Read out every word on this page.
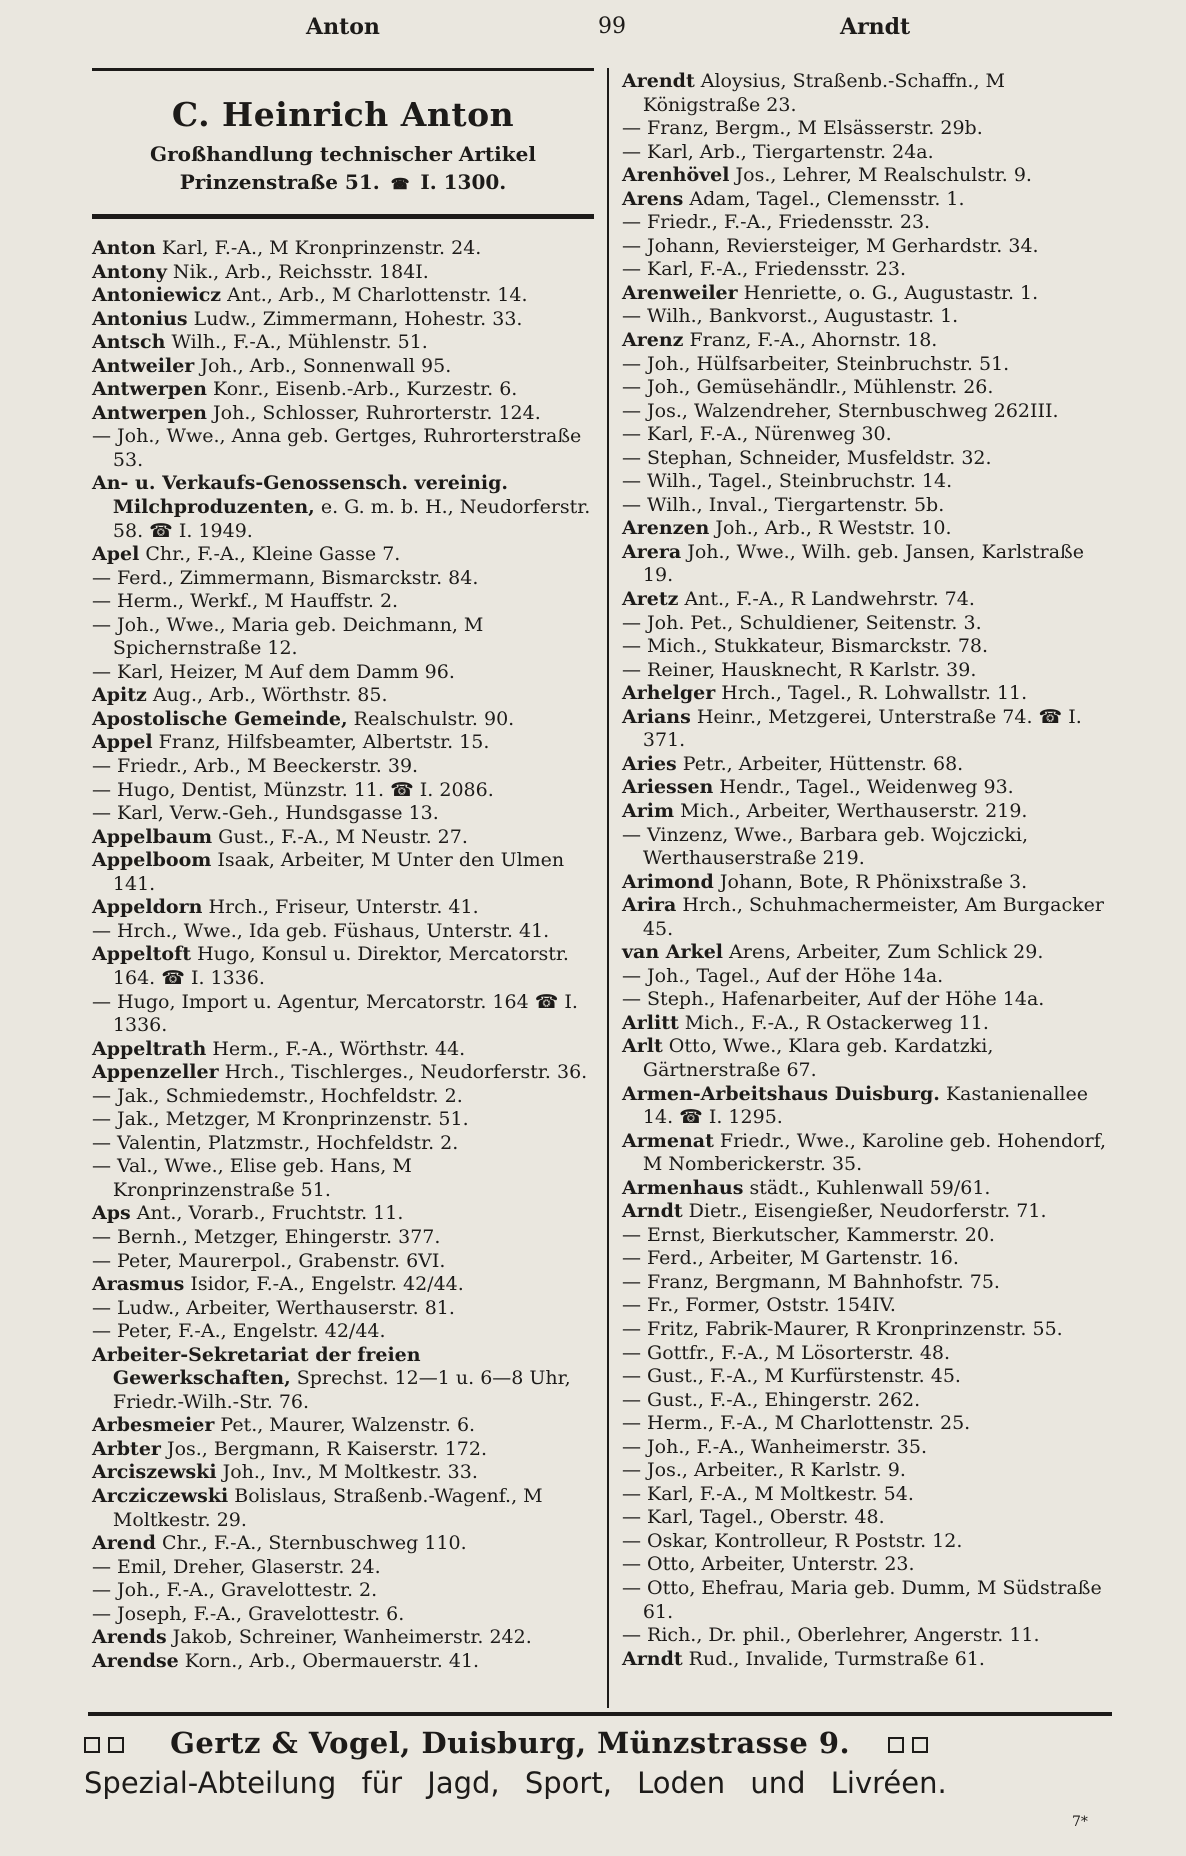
Anton	99	Arndt
C. Heinrich Anton
Großhandlung technischer Artikel
Prinzenstraße 51. ☎ I. 1300.
Anton Karl, F.-A., M Kronprinzenstr. 24.
Antony Nik., Arb., Reichsstr. 184I.
Antoniewicz Ant., Arb., M Charlottenstr. 14.
Antonius Ludw., Zimmermann, Hohestr. 33.
Antsch Wilh., F.-A., Mühlenstr. 51.
Antweiler Joh., Arb., Sonnenwall 95.
Antwerpen Konr., Eisenb.-Arb., Kurzestr. 6.
Antwerpen Joh., Schlosser, Ruhrorterstr. 124.
— Joh., Wwe., Anna geb. Gertges, Ruhrorterstraße 53.
An- u. Verkaufs-Genossensch. vereinig. Milchproduzenten, e. G. m. b. H., Neudorferstr. 58. ☎ I. 1949.
Apel Chr., F.-A., Kleine Gasse 7.
— Ferd., Zimmermann, Bismarckstr. 84.
— Herm., Werkf., M Hauffstr. 2.
— Joh., Wwe., Maria geb. Deichmann, M Spichernstraße 12.
— Karl, Heizer, M Auf dem Damm 96.
Apitz Aug., Arb., Wörthstr. 85.
Apostolische Gemeinde, Realschulstr. 90.
Appel Franz, Hilfsbeamter, Albertstr. 15.
— Friedr., Arb., M Beeckerstr. 39.
— Hugo, Dentist, Münzstr. 11. ☎ I. 2086.
— Karl, Verw.-Geh., Hundsgasse 13.
Appelbaum Gust., F.-A., M Neustr. 27.
Appelboom Isaak, Arbeiter, M Unter den Ulmen 141.
Appeldorn Hrch., Friseur, Unterstr. 41.
— Hrch., Wwe., Ida geb. Füshaus, Unterstr. 41.
Appeltoft Hugo, Konsul u. Direktor, Mercatorstr. 164. ☎ I. 1336.
— Hugo, Import u. Agentur, Mercatorstr. 164 ☎ I. 1336.
Appeltrath Herm., F.-A., Wörthstr. 44.
Appenzeller Hrch., Tischlerges., Neudorferstr. 36.
— Jak., Schmiedemstr., Hochfeldstr. 2.
— Jak., Metzger, M Kronprinzenstr. 51.
— Valentin, Platzmstr., Hochfeldstr. 2.
— Val., Wwe., Elise geb. Hans, M Kronprinzenstraße 51.
Aps Ant., Vorarb., Fruchtstr. 11.
— Bernh., Metzger, Ehingerstr. 377.
— Peter, Maurerpol., Grabenstr. 6VI.
Arasmus Isidor, F.-A., Engelstr. 42/44.
— Ludw., Arbeiter, Werthauserstr. 81.
— Peter, F.-A., Engelstr. 42/44.
Arbeiter-Sekretariat der freien Gewerkschaften, Sprechst. 12—1 u. 6—8 Uhr, Friedr.-Wilh.-Str. 76.
Arbesmeier Pet., Maurer, Walzenstr. 6.
Arbter Jos., Bergmann, R Kaiserstr. 172.
Arciszewski Joh., Inv., M Moltkestr. 33.
Arcziczewski Bolislaus, Straßenb.-Wagenf., M Moltkestr. 29.
Arend Chr., F.-A., Sternbuschweg 110.
— Emil, Dreher, Glaserstr. 24.
— Joh., F.-A., Gravelottestr. 2.
— Joseph, F.-A., Gravelottestr. 6.
Arends Jakob, Schreiner, Wanheimerstr. 242.
Arendse Korn., Arb., Obermauerstr. 41.
Arendt Aloysius, Straßenb.-Schaffn., M Königstraße 23.
— Franz, Bergm., M Elsässerstr. 29b.
— Karl, Arb., Tiergartenstr. 24a.
Arenhövel Jos., Lehrer, M Realschulstr. 9.
Arens Adam, Tagel., Clemensstr. 1.
— Friedr., F.-A., Friedensstr. 23.
— Johann, Reviersteiger, M Gerhardstr. 34.
— Karl, F.-A., Friedensstr. 23.
Arenweiler Henriette, o. G., Augustastr. 1.
— Wilh., Bankvorst., Augustastr. 1.
Arenz Franz, F.-A., Ahornstr. 18.
— Joh., Hülfsarbeiter, Steinbruchstr. 51.
— Joh., Gemüsehändlr., Mühlenstr. 26.
— Jos., Walzendreher, Sternbuschweg 262III.
— Karl, F.-A., Nürenweg 30.
— Stephan, Schneider, Musfeldstr. 32.
— Wilh., Tagel., Steinbruchstr. 14.
— Wilh., Inval., Tiergartenstr. 5b.
Arenzen Joh., Arb., R Weststr. 10.
Arera Joh., Wwe., Wilh. geb. Jansen, Karlstraße 19.
Aretz Ant., F.-A., R Landwehrstr. 74.
— Joh. Pet., Schuldiener, Seitenstr. 3.
— Mich., Stukkateur, Bismarckstr. 78.
— Reiner, Hausknecht, R Karlstr. 39.
Arhelger Hrch., Tagel., R. Lohwallstr. 11.
Arians Heinr., Metzgerei, Unterstraße 74. ☎ I. 371.
Aries Petr., Arbeiter, Hüttenstr. 68.
Ariessen Hendr., Tagel., Weidenweg 93.
Arim Mich., Arbeiter, Werthauserstr. 219.
— Vinzenz, Wwe., Barbara geb. Wojczicki, Werthauserstraße 219.
Arimond Johann, Bote, R Phönixstraße 3.
Arira Hrch., Schuhmachermeister, Am Burgacker 45.
van Arkel Arens, Arbeiter, Zum Schlick 29.
— Joh., Tagel., Auf der Höhe 14a.
— Steph., Hafenarbeiter, Auf der Höhe 14a.
Arlitt Mich., F.-A., R Ostackerweg 11.
Arlt Otto, Wwe., Klara geb. Kardatzki, Gärtnerstraße 67.
Armen-Arbeitshaus Duisburg. Kastanienallee 14. ☎ I. 1295.
Armenat Friedr., Wwe., Karoline geb. Hohendorf, M Nomberickerstr. 35.
Armenhaus städt., Kuhlenwall 59/61.
Arndt Dietr., Eisengießer, Neudorferstr. 71.
— Ernst, Bierkutscher, Kammerstr. 20.
— Ferd., Arbeiter, M Gartenstr. 16.
— Franz, Bergmann, M Bahnhofstr. 75.
— Fr., Former, Oststr. 154IV.
— Fritz, Fabrik-Maurer, R Kronprinzenstr. 55.
— Gottfr., F.-A., M Lösorterstr. 48.
— Gust., F.-A., M Kurfürstenstr. 45.
— Gust., F.-A., Ehingerstr. 262.
— Herm., F.-A., M Charlottenstr. 25.
— Joh., F.-A., Wanheimerstr. 35.
— Jos., Arbeiter., R Karlstr. 9.
— Karl, F.-A., M Moltkestr. 54.
— Karl, Tagel., Oberstr. 48.
— Oskar, Kontrolleur, R Poststr. 12.
— Otto, Arbeiter, Unterstr. 23.
— Otto, Ehefrau, Maria geb. Dumm, M Südstraße 61.
— Rich., Dr. phil., Oberlehrer, Angerstr. 11.
Arndt Rud., Invalide, Turmstraße 61.
Gertz & Vogel, Duisburg, Münzstrasse 9.
Spezial-Abteilung für Jagd, Sport, Loden und Livréen.
7*
